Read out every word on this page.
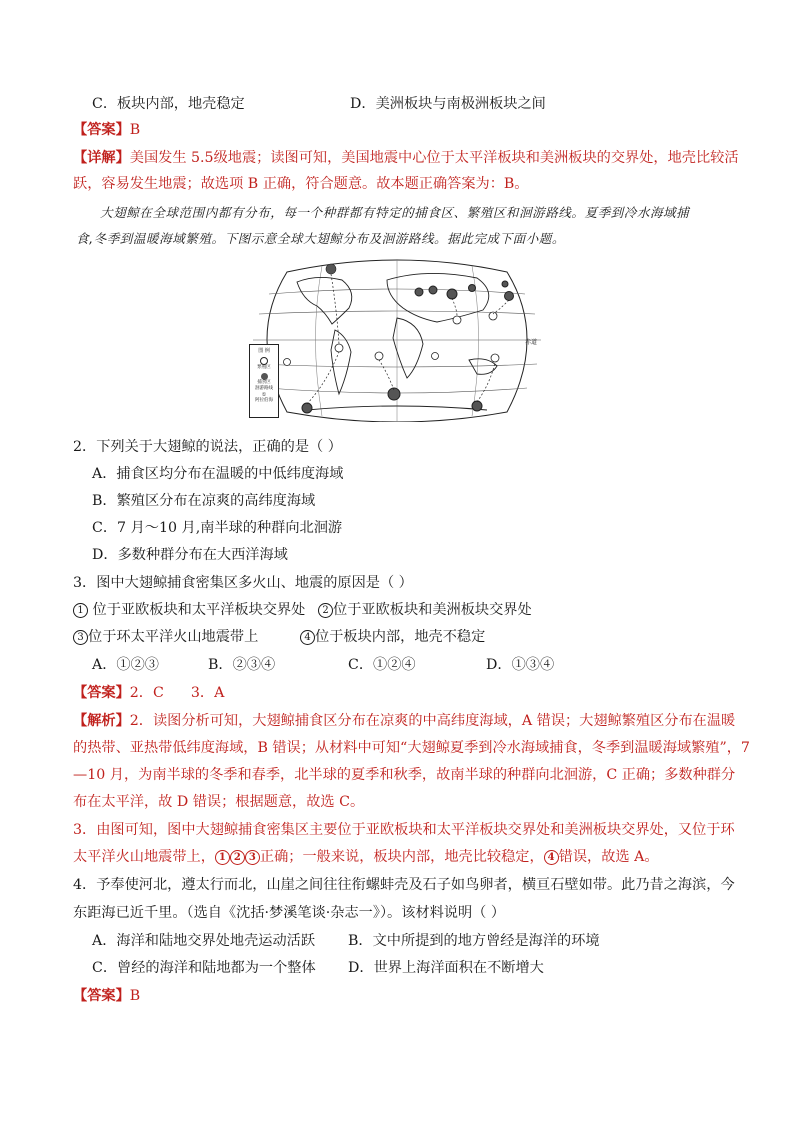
C．板块内部，地壳稳定	D．美洲板块与南极洲板块之间
【答案】B
【详解】美国发生 5.5级地震；读图可知，美国地震中心位于太平洋板块和美洲板块的交界处，地壳比较活
跃，容易发生地震；故选项 B 正确，符合题意。故本题正确答案为：B。
大翅鲸在全球范围内都有分布，每一个种群都有特定的捕食区、繁殖区和洄游路线。夏季到冷水海域捕
食,冬季到温暖海域繁殖。下图示意全球大翅鲸分布及洄游路线。据此完成下面小题。
赤道
图 例
繁殖区
捕食区
洄游路线
①
阿拉伯海
2．下列关于大翅鲸的说法，正确的是（ ）
A．捕食区均分布在温暖的中低纬度海域
B．繁殖区分布在凉爽的高纬度海域
C．7 月～10 月,南半球的种群向北洄游
D．多数种群分布在大西洋海域
3．图中大翅鲸捕食密集区多火山、地震的原因是（ ）
1 位于亚欧板块和太平洋板块交界处	2 位于亚欧板块和美洲板块交界处
3 位于环太平洋火山地震带上	4 位于板块内部，地壳不稳定
A．①②③	B．②③④	C．①②④	D．①③④
【答案】2．C      3．A
【解析】2．读图分析可知，大翅鲸捕食区分布在凉爽的中高纬度海域，A 错误；大翅鲸繁殖区分布在温暖
的热带、亚热带低纬度海域，B 错误；从材料中可知“大翅鲸夏季到冷水海域捕食，冬季到温暖海域繁殖”，7
—10 月，为南半球的冬季和春季，北半球的夏季和秋季，故南半球的种群向北洄游，C 正确；多数种群分
布在太平洋，故 D 错误；根据题意，故选 C。
3．由图可知，图中大翅鲸捕食密集区主要位于亚欧板块和太平洋板块交界处和美洲板块交界处，又位于环
太平洋火山地震带上， 1 2 3 正确；一般来说，板块内部，地壳比较稳定， 4 错误，故选 A。
4．予奉使河北，遵太行而北，山崖之间往往衔螺蚌壳及石子如鸟卵者，横亘石壁如带。此乃昔之海滨，今
东距海已近千里。（选自《沈括·梦溪笔谈·杂志一》）。该材料说明（ ）
A．海洋和陆地交界处地壳运动活跃 B．文中所提到的地方曾经是海洋的环境
C．曾经的海洋和陆地都为一个整体 D．世界上海洋面积在不断增大
【答案】B
